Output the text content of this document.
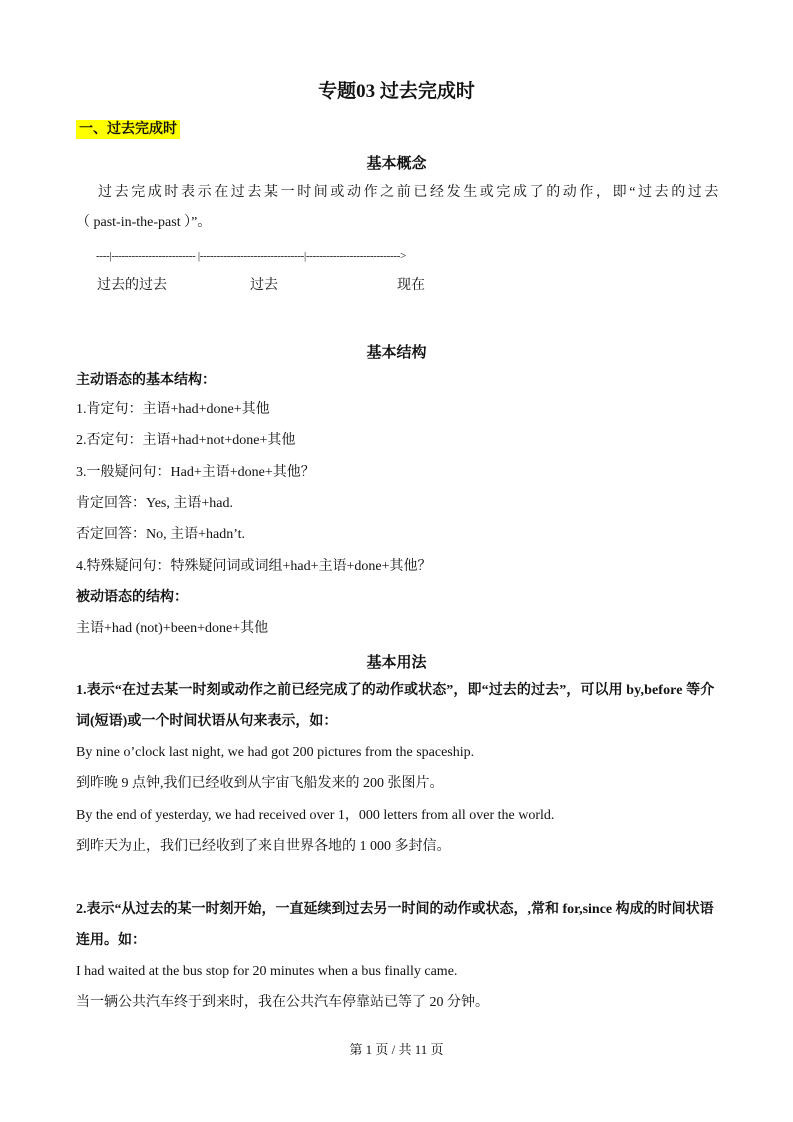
专题03 过去完成时
一、过去完成时
基本概念
过去完成时表示在过去某一时间或动作之前已经发生或完成了的动作，即“过去的过去
（ past-in-the-past ）”。
----|------------------------- |-------------------------------|---------------------------->
过去的过去	过去	现在
基本结构
主动语态的基本结构：
1.肯定句：主语+had+done+其他
2.否定句：主语+had+not+done+其他
3.一般疑问句：Had+主语+done+其他？
肯定回答：Yes, 主语+had.
否定回答：No, 主语+hadn’t.
4.特殊疑问句：特殊疑问词或词组+had+主语+done+其他？
被动语态的结构：
主语+had (not)+been+done+其他
基本用法
1.表示“在过去某一时刻或动作之前已经完成了的动作或状态”，即“过去的过去”，可以用 by,before 等介
词(短语)或一个时间状语从句来表示，如：
By nine o’clock last night, we had got 200 pictures from the spaceship.
到昨晚 9 点钟,我们已经收到从宇宙飞船发来的 200 张图片。
By the end of yesterday, we had received over 1，000 letters from all over the world.
到昨天为止，我们已经收到了来自世界各地的 1 000 多封信。
2.表示“从过去的某一时刻开始，一直延续到过去另一时间的动作或状态，,常和 for,since 构成的时间状语
连用。如：
I had waited at the bus stop for 20 minutes when a bus finally came.
当一辆公共汽车终于到来时，我在公共汽车停靠站已等了 20 分钟。
第 1 页 / 共 11 页
